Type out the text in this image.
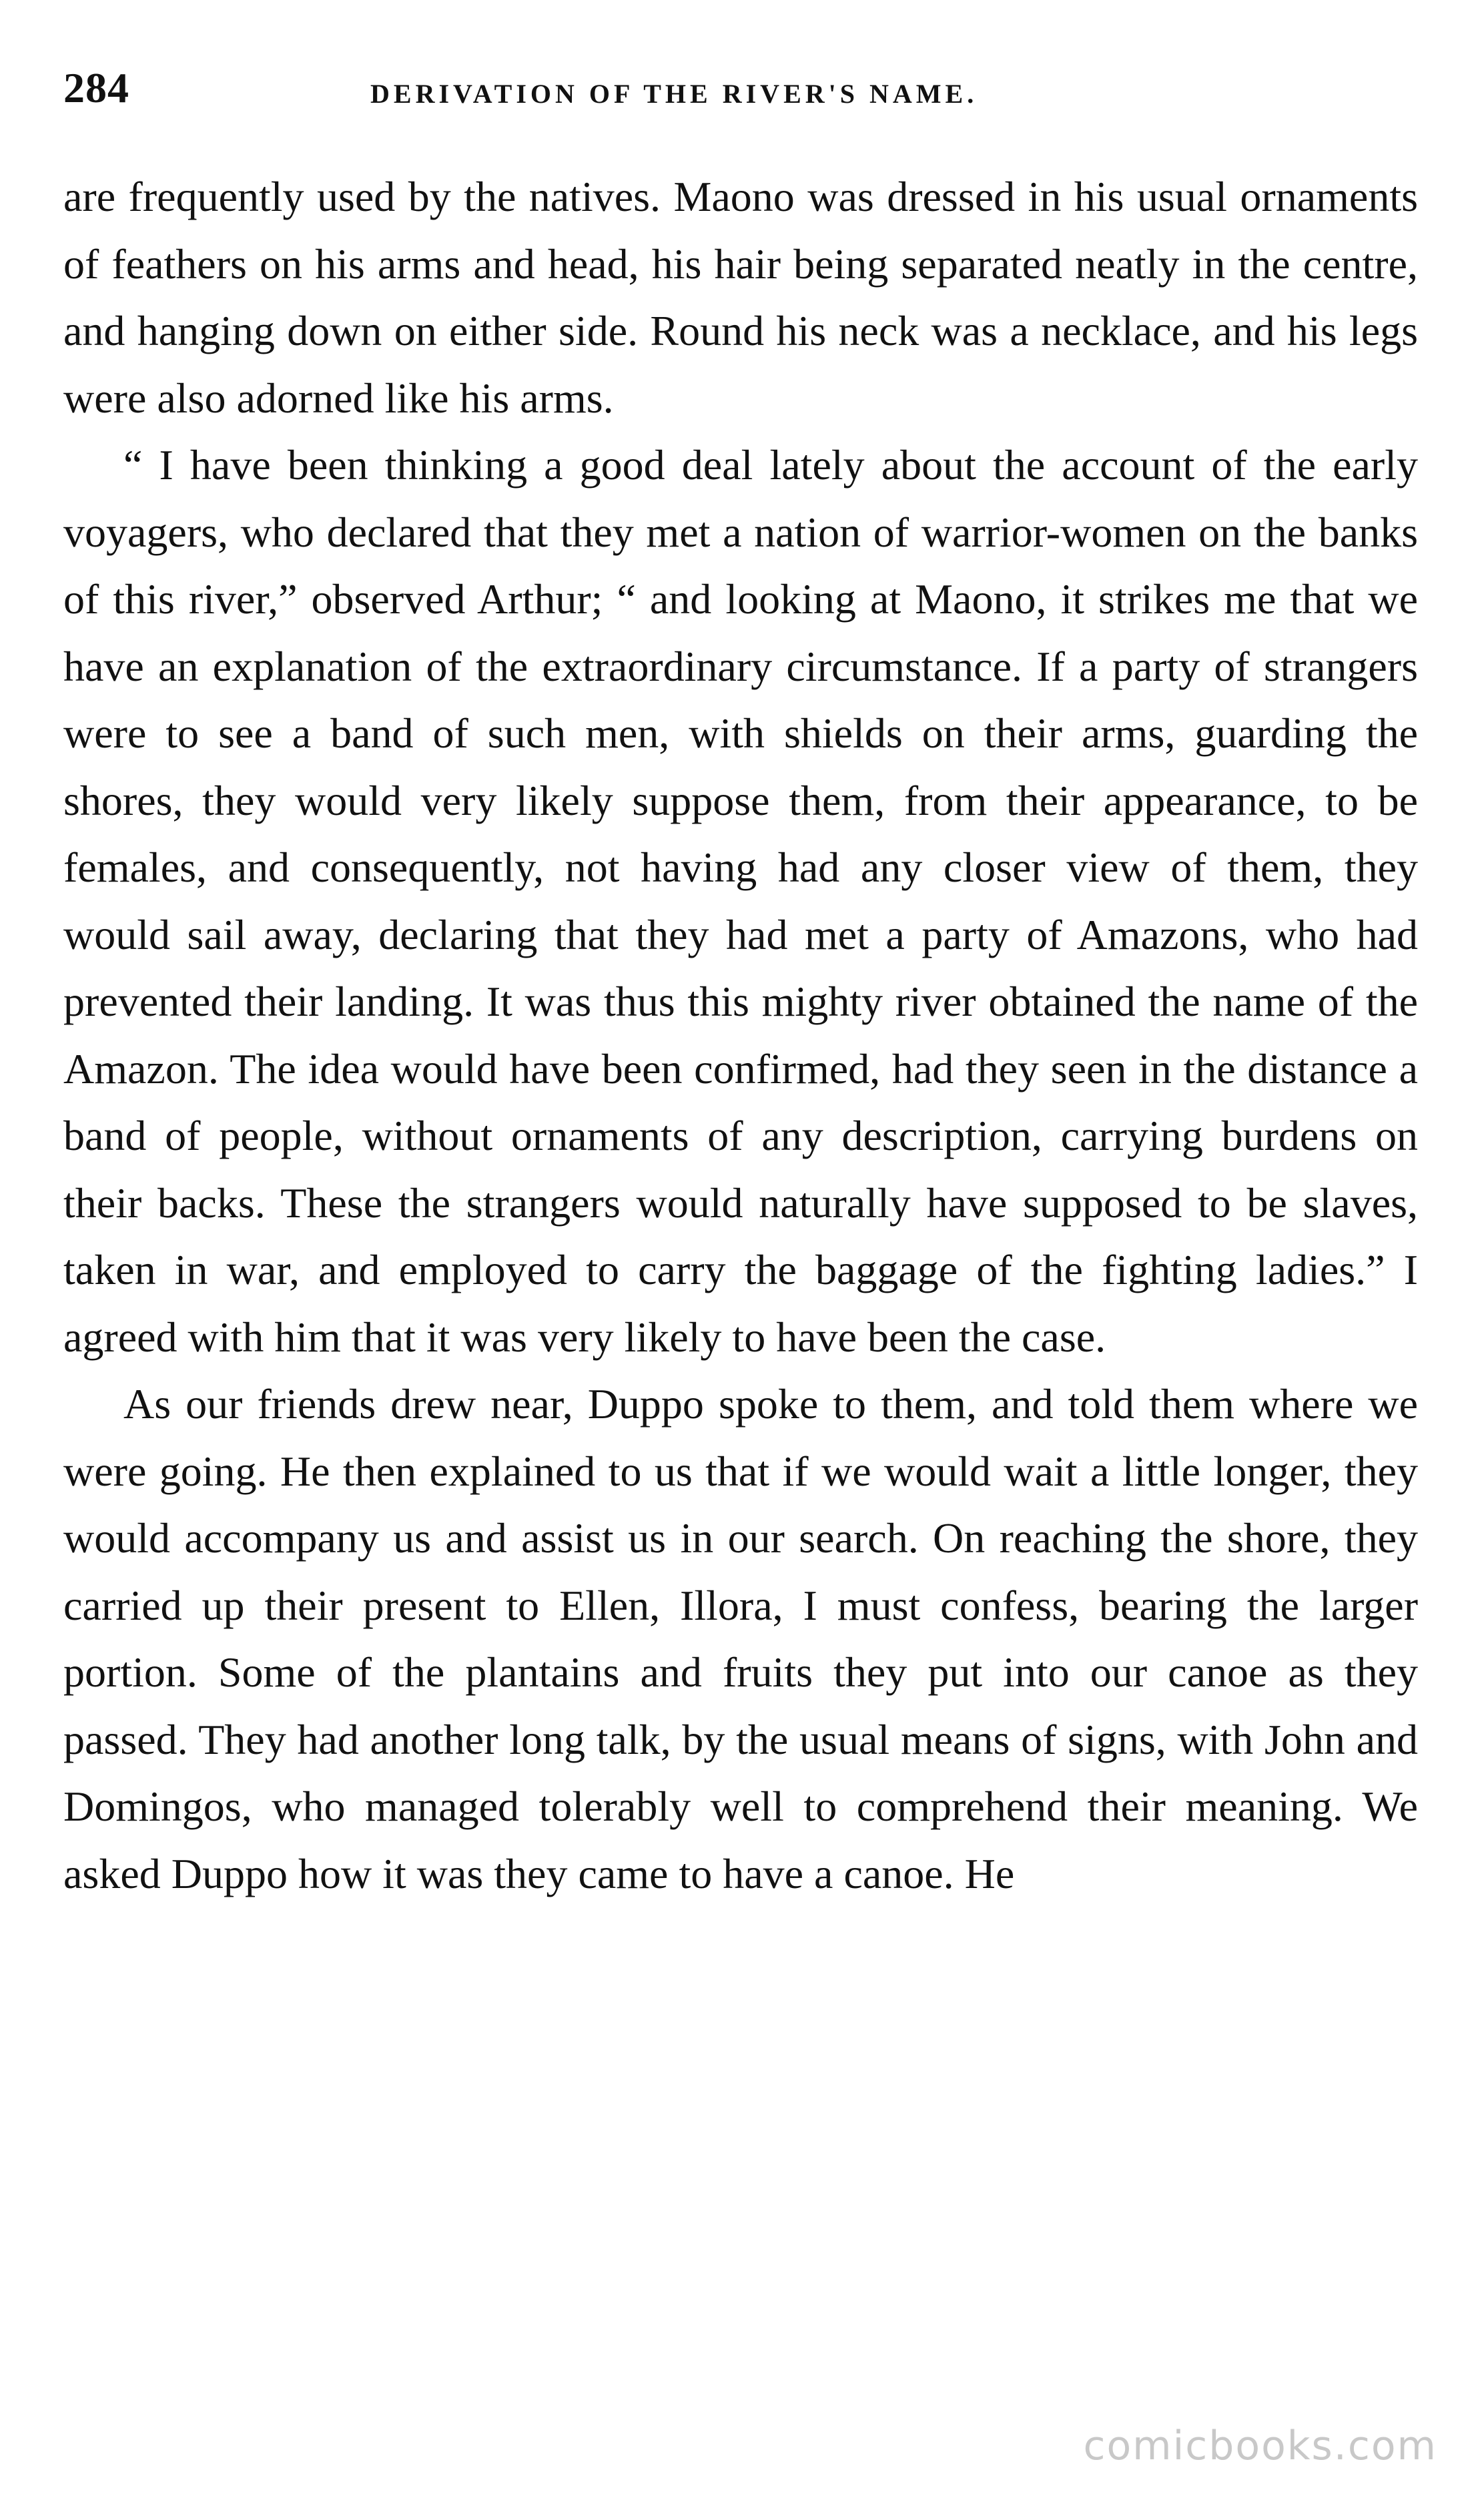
284	DERIVATION OF THE RIVER'S NAME.

are frequently used by the natives. Maono was dressed in his usual ornaments of feathers on his arms and head, his hair being separated neatly in the centre, and hanging down on either side. Round his neck was a necklace, and his legs were also adorned like his arms.

“ I have been thinking a good deal lately about the account of the early voyagers, who declared that they met a nation of warrior-women on the banks of this river,” observed Arthur; “ and looking at Maono, it strikes me that we have an explanation of the extraordinary circumstance. If a party of strangers were to see a band of such men, with shields on their arms, guarding the shores, they would very likely suppose them, from their appearance, to be females, and consequently, not having had any closer view of them, they would sail away, declaring that they had met a party of Amazons, who had prevented their landing. It was thus this mighty river obtained the name of the Amazon. The idea would have been confirmed, had they seen in the distance a band of people, without ornaments of any description, carrying burdens on their backs. These the strangers would naturally have supposed to be slaves, taken in war, and employed to carry the baggage of the fighting ladies.” I agreed with him that it was very likely to have been the case.

As our friends drew near, Duppo spoke to them, and told them where we were going. He then explained to us that if we would wait a little longer, they would accompany us and assist us in our search. On reaching the shore, they carried up their present to Ellen, Illora, I must confess, bearing the larger portion. Some of the plantains and fruits they put into our canoe as they passed. They had another long talk, by the usual means of signs, with John and Domingos, who managed tolerably well to comprehend their meaning. We asked Duppo how it was they came to have a canoe. He

comicbooks.com
